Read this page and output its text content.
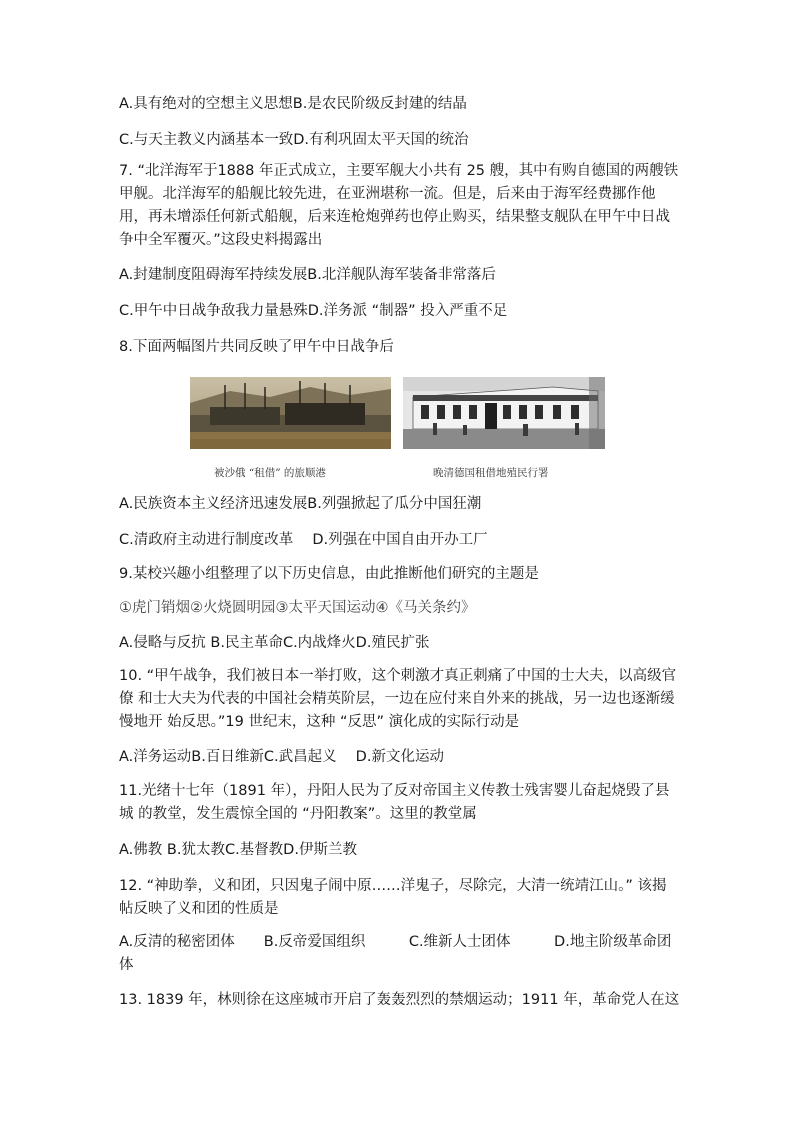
A.具有绝对的空想主义思想B.是农民阶级反封建的结晶
C.与天主教义内涵基本一致D.有利巩固太平天国的统治
7. “北洋海军于1888 年正式成立，主要军舰大小共有 25 艘，其中有购自德国的两艘铁甲舰。北洋海军的船舰比较先进，在亚洲堪称一流。但是，后来由于海军经费挪作他用，再未增添任何新式船舰，后来连枪炮弹药也停止购买，结果整支舰队在甲午中日战争中全军覆灭。”这段史料揭露出
A.封建制度阻碍海军持续发展B.北洋舰队海军装备非常落后
C.甲午中日战争敌我力量悬殊D.洋务派 “制器” 投入严重不足
8.下面两幅图片共同反映了甲午中日战争后
被沙俄 “租借” 的旅顺港	晚清德国租借地殖民行署
A.民族资本主义经济迅速发展B.列强掀起了瓜分中国狂潮
C.清政府主动进行制度改革　 D.列强在中国自由开办工厂
9.某校兴趣小组整理了以下历史信息，由此推断他们研究的主题是
①虎门销烟②火烧圆明园③太平天国运动④《马关条约》
A.侵略与反抗 B.民主革命C.内战烽火D.殖民扩张
10. “甲午战争，我们被日本一举打败，这个刺激才真正刺痛了中国的士大夫，以高级官僚 和士大夫为代表的中国社会精英阶层，一边在应付来自外来的挑战，另一边也逐渐缓慢地开 始反思。”19 世纪末，这种 “反思” 演化成的实际行动是
A.洋务运动B.百日维新C.武昌起义　 D.新文化运动
11.光绪十七年（1891 年），丹阳人民为了反对帝国主义传教士残害婴儿奋起烧毁了县城 的教堂，发生震惊全国的 “丹阳教案”。这里的教堂属
A.佛教 B.犹太教C.基督教D.伊斯兰教
12. “神助拳，义和团，只因鬼子闹中原……洋鬼子，尽除完，大清一统靖江山。” 该揭帖反映了义和团的性质是
A.反清的秘密团体　　B.反帝爱国组织　　　C.维新人士团体　　　D.地主阶级革命团体
13. 1839 年，林则徐在这座城市开启了轰轰烈烈的禁烟运动；1911 年，革命党人在这
